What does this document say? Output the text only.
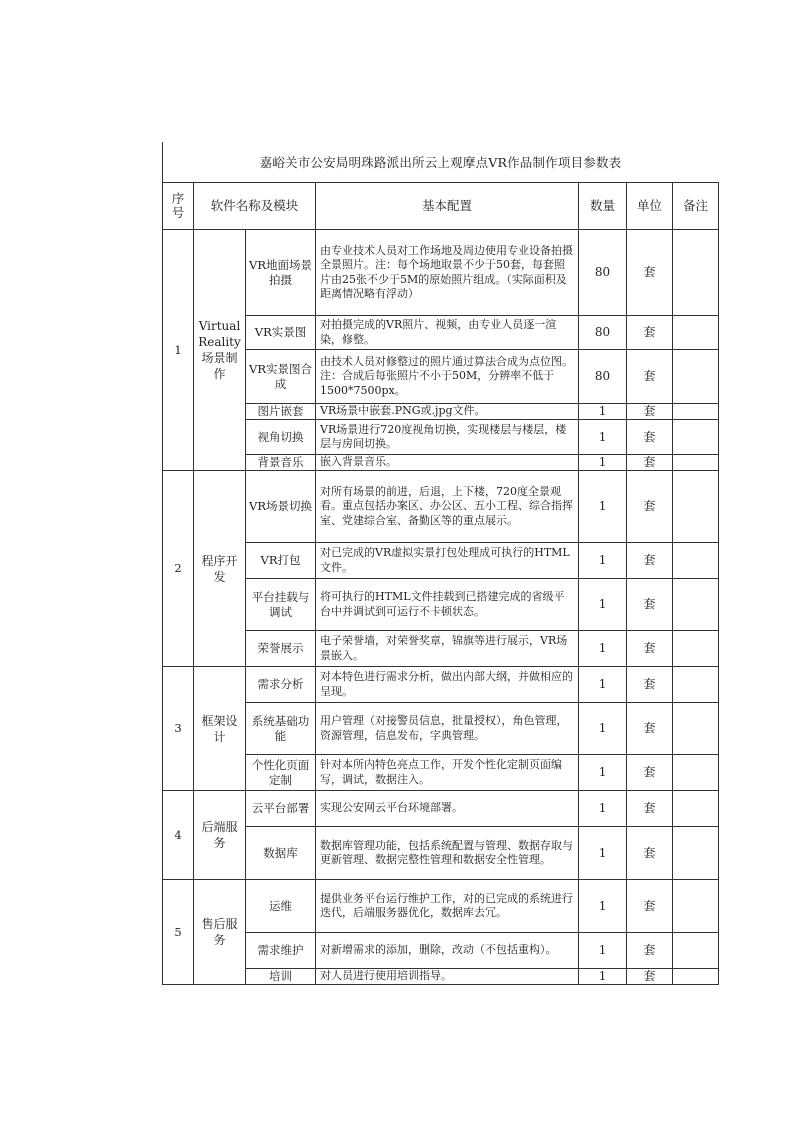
嘉峪关市公安局明珠路派出所云上观摩点VR作品制作项目参数表
序号	软件名称及模块		基本配置	数量	单位	备注
1	VirtualReality场景制作	VR地面场景拍摄	由专业技术人员对工作场地及周边使用专业设备拍摄全景照片。注：每个场地取景不少于50套，每套照片由25张不少于5M的原始照片组成。（实际面积及距离情况略有浮动）	80	套	
		VR实景图	对拍摄完成的VR照片、视频，由专业人员逐一渲染，修整。	80	套	
		VR实景图合成	由技术人员对修整过的照片通过算法合成为点位图。注：合成后每张照片不小于50M，分辨率不低于1500*7500px。	80	套	
		图片嵌套	VR场景中嵌套.PNG或.jpg文件。	1	套	
		视角切换	VR场景进行720度视角切换，实现楼层与楼层，楼层与房间切换。	1	套	
		背景音乐	嵌入背景音乐。	1	套	
2	程序开发	VR场景切换	对所有场景的前进，后退，上下楼，720度全景观看。重点包括办案区、办公区、五小工程、综合指挥室、党建综合室、备勤区等的重点展示。	1	套	
		VR打包	对已完成的VR虚拟实景打包处理成可执行的HTML文件。	1	套	
		平台挂载与调试	将可执行的HTML文件挂载到已搭建完成的省级平台中并调试到可运行不卡顿状态。	1	套	
		荣誉展示	电子荣誉墙，对荣誉奖章，锦旗等进行展示，VR场景嵌入。	1	套	
3	框架设计	需求分析	对本特色进行需求分析，做出内部大纲，并做相应的呈现。	1	套	
		系统基础功能	用户管理（对接警员信息，批量授权），角色管理，资源管理，信息发布，字典管理。	1	套	
		个性化页面定制	针对本所内特色亮点工作，开发个性化定制页面编写，调试，数据注入。	1	套	
4	后端服务	云平台部署	实现公安网云平台环境部署。	1	套	
		数据库	数据库管理功能，包括系统配置与管理、数据存取与更新管理、数据完整性管理和数据安全性管理。	1	套	
5	售后服务	运维	提供业务平台运行维护工作，对的已完成的系统进行迭代，后端服务器优化，数据库去冗。	1	套	
		需求维护	对新增需求的添加，删除，改动（不包括重构）。	1	套	
		培训	对人员进行使用培训指导。	1	套	
